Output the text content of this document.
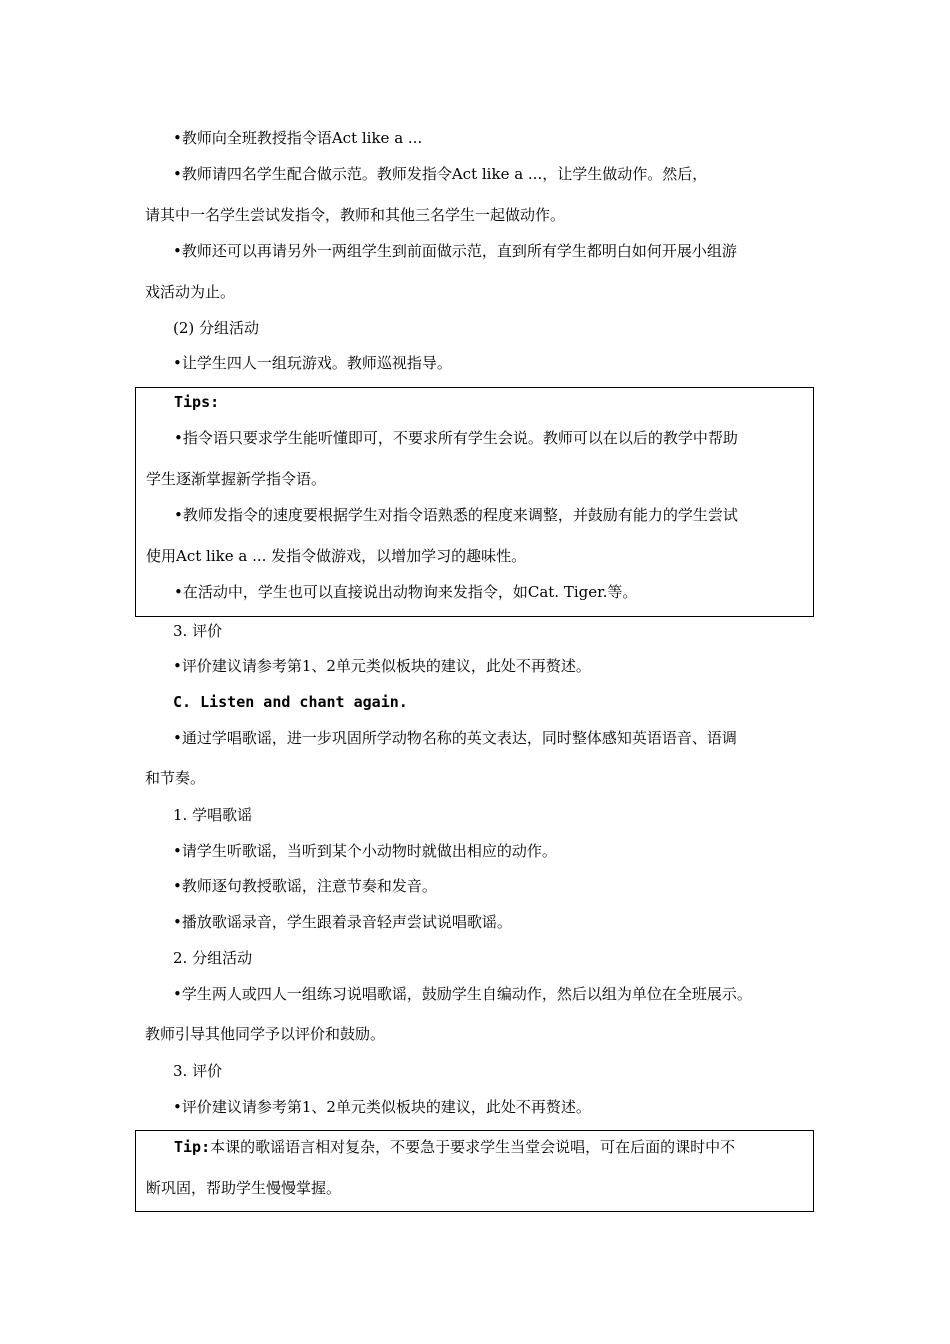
•教师向全班教授指令语Act like a ...
•教师请四名学生配合做示范。教师发指令Act like a ...，让学生做动作。然后，
请其中一名学生尝试发指令，教师和其他三名学生一起做动作。
•教师还可以再请另外一两组学生到前面做示范，直到所有学生都明白如何开展小组游
戏活动为止。
(2) 分组活动
•让学生四人一组玩游戏。教师巡视指导。
Tips:
•指令语只要求学生能听懂即可，不要求所有学生会说。教师可以在以后的教学中帮助
学生逐渐掌握新学指令语。
•教师发指令的速度要根据学生对指令语熟悉的程度来调整，并鼓励有能力的学生尝试
使用Act like a ... 发指令做游戏，以增加学习的趣味性。
•在活动中，学生也可以直接说出动物询来发指令，如Cat. Tiger.等。
3. 评价
•评价建议请参考第1、2单元类似板块的建议，此处不再赘述。
C. Listen and chant again.
•通过学唱歌谣，进一步巩固所学动物名称的英文表达，同时整体感知英语语音、语调
和节奏。
1. 学唱歌谣
•请学生听歌谣，当听到某个小动物时就做出相应的动作。
•教师逐句教授歌谣，注意节奏和发音。
•播放歌谣录音，学生跟着录音轻声尝试说唱歌谣。
2. 分组活动
•学生两人或四人一组练习说唱歌谣，鼓励学生自编动作，然后以组为单位在全班展示。
教师引导其他同学予以评价和鼓励。
3. 评价
•评价建议请参考第1、2单元类似板块的建议，此处不再赘述。
Tip:本课的歌谣语言相对复杂，不要急于要求学生当堂会说唱，可在后面的课时中不
断巩固，帮助学生慢慢掌握。
